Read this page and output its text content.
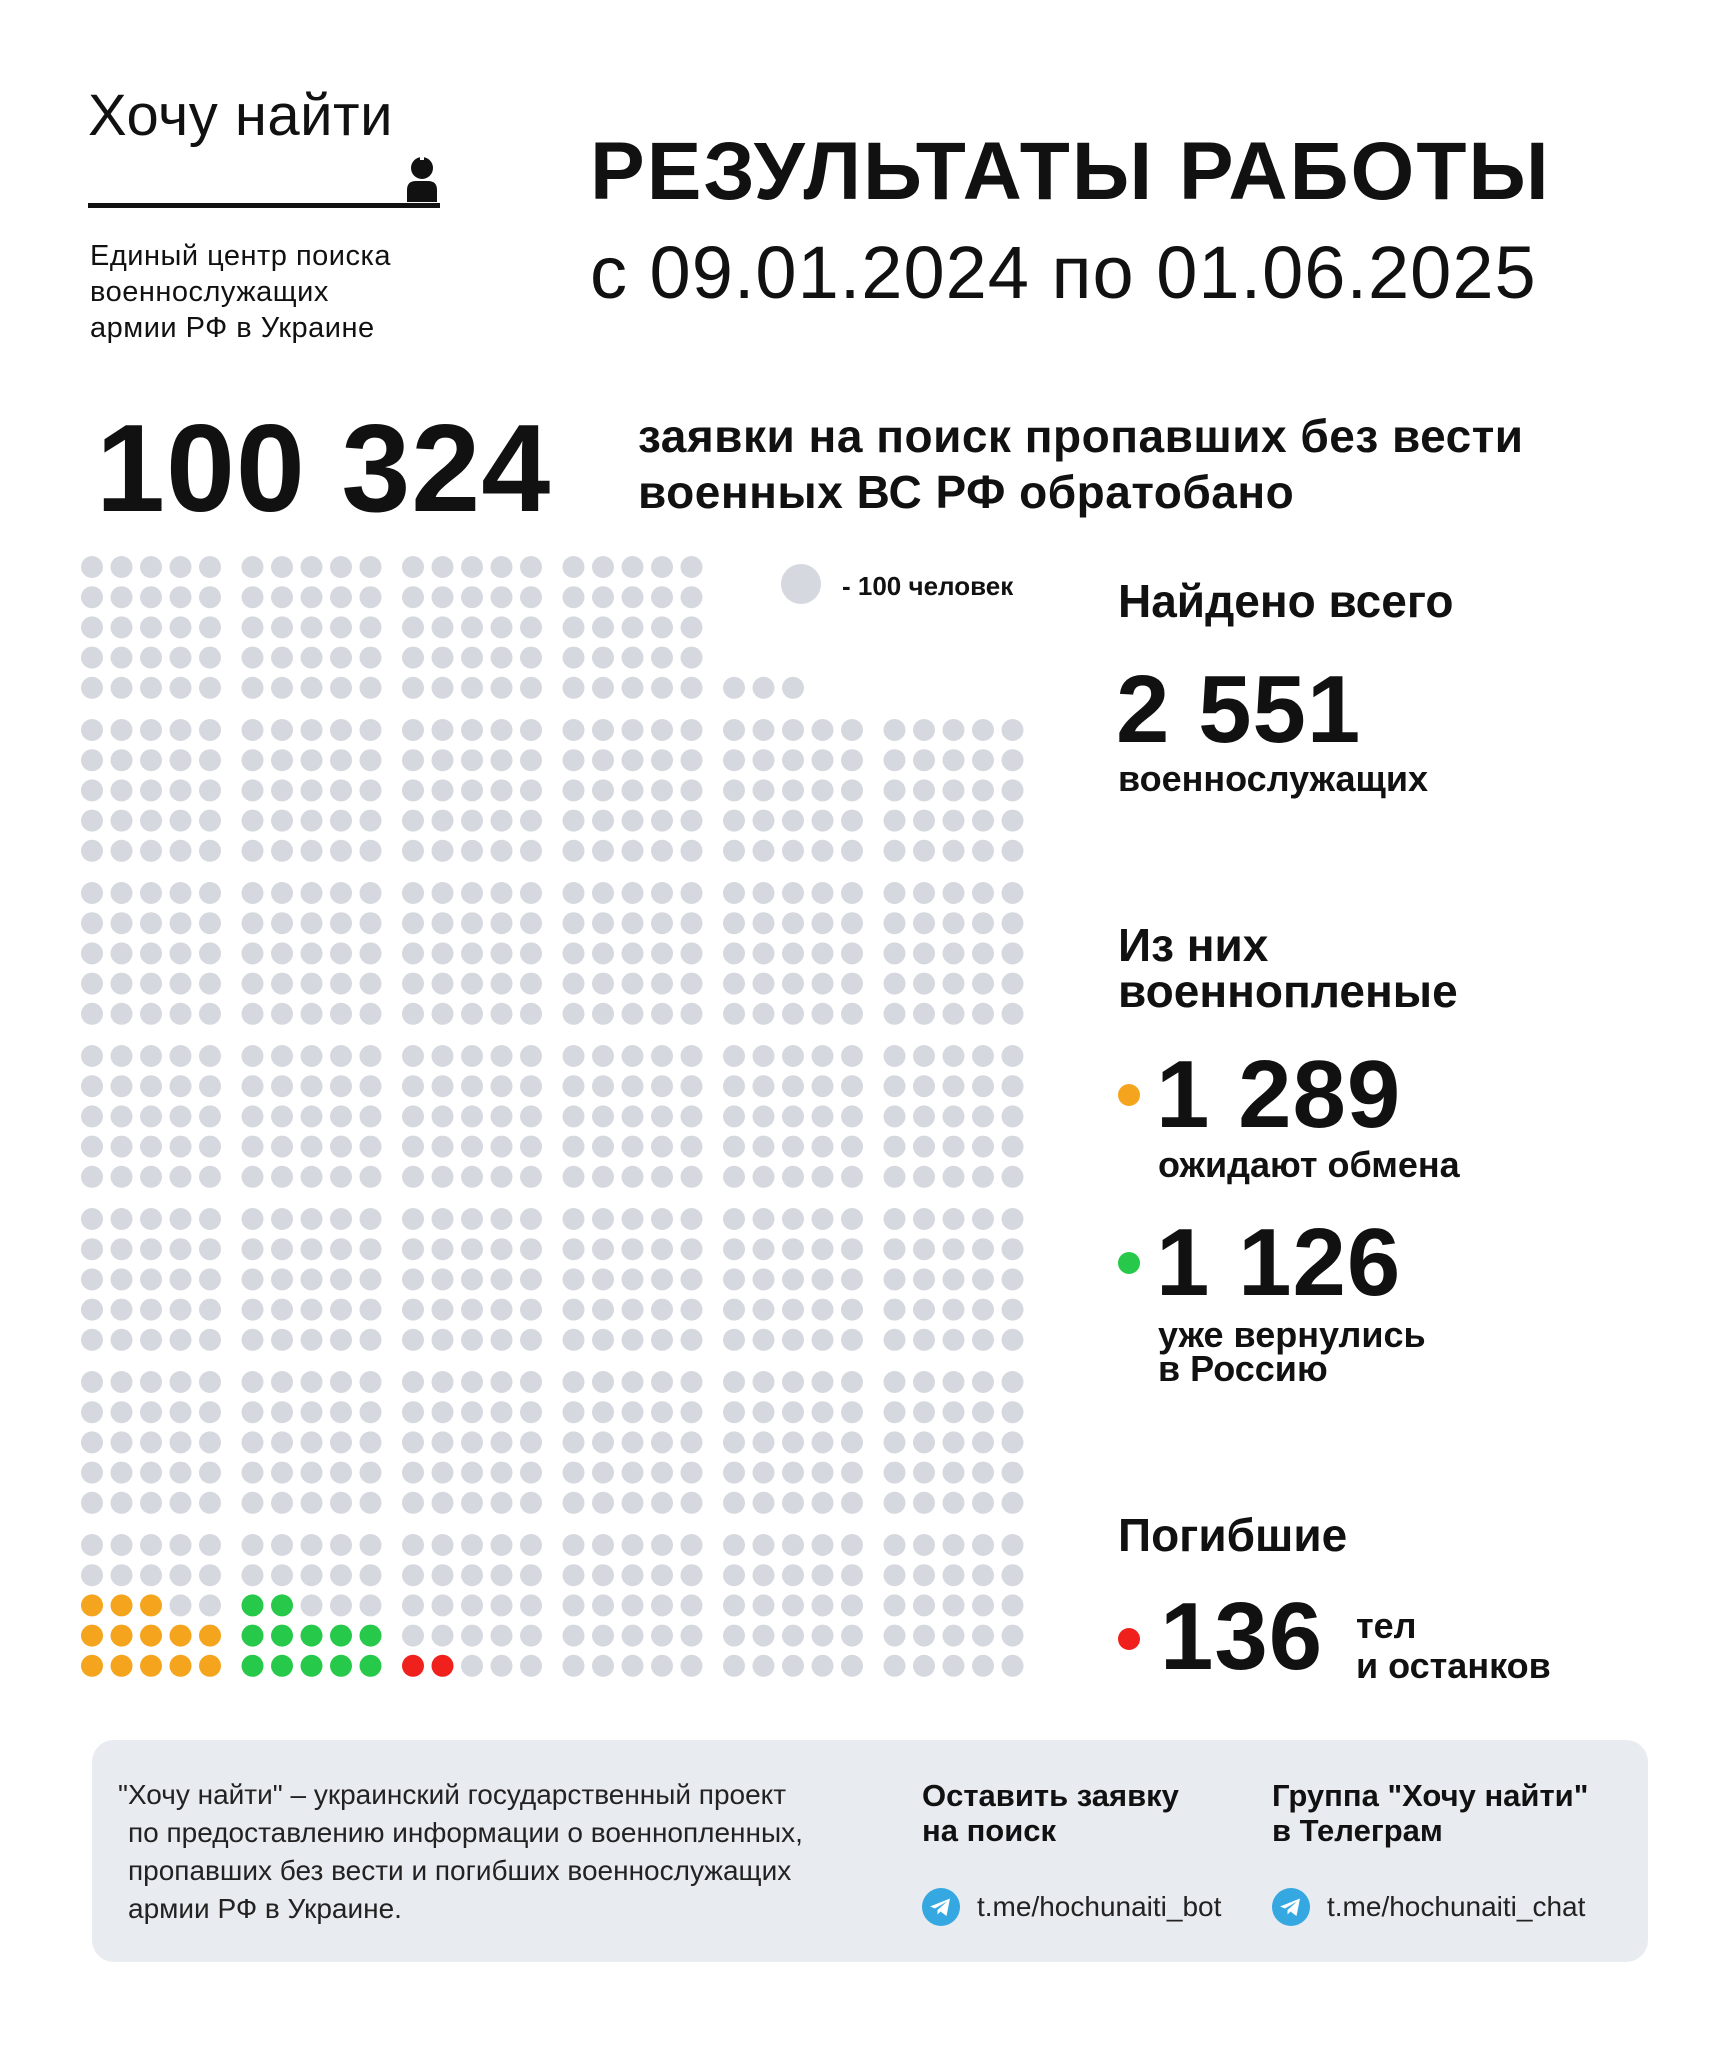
Хочу найти
Единый центр поиска
военнослужащих
армии РФ в Украине
РЕЗУЛЬТАТЫ РАБОТЫ
с 09.01.2024 по 01.06.2025
100 324 заявки на поиск пропавших без вести
военных ВС РФ обратобано
- 100 человек Найдено всего
2 551
военнослужащих
Из них
военнопленые
1 289
ожидают обмена
1 126
уже вернулись
в Россию
Погибшие
136 тел
и останков
"Хочу найти" – украинский государственный проект
по предоставлению информации о военнопленных,
пропавших без вести и погибших военнослужащих
армии РФ в Украине.
Оставить заявку
на поиск
t.me/hochunaiti_bot
Группа "Хочу найти"
в Телеграм
t.me/hochunaiti_chat
